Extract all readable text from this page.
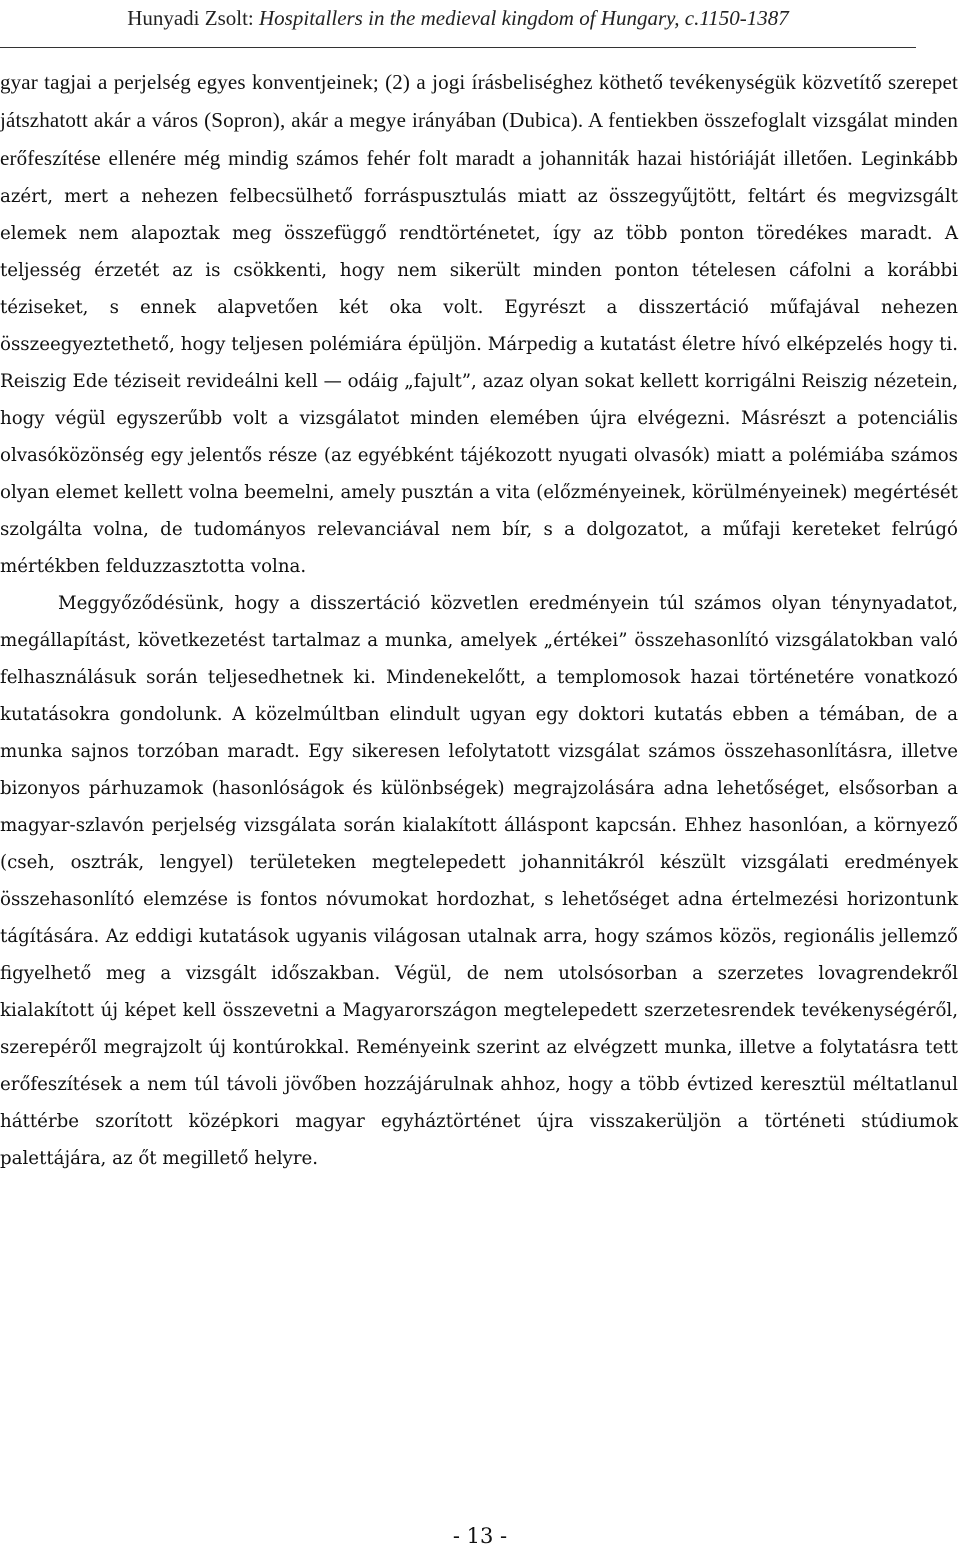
Hunyadi Zsolt: Hospitallers in the medieval kingdom of Hungary, c.1150-1387

gyar tagjai a perjelség egyes konventjeinek; (2) a jogi írásbeliséghez köthető tevékenységük közvetítő szerepet játszhatott akár a város (Sopron), akár a megye irányában (Dubica). A fentiekben összefoglalt vizsgálat minden erőfeszítése ellenére még mindig számos fehér folt maradt a johanniták hazai históriáját illetően. Leginkább azért, mert a nehezen felbecsülhető forráspusztulás miatt az összegyűjtött, feltárt és megvizsgált elemek nem alapoztak meg összefüggő rendtörténetet, így az több ponton töredékes maradt. A teljesség érzetét az is csökkenti, hogy nem sikerült minden ponton tételesen cáfolni a korábbi téziseket, s ennek alapvetően két oka volt. Egyrészt a disszertáció műfajával nehezen összeegyeztethető, hogy teljesen polémiára épüljön. Márpedig a kutatást életre hívó elképzelés hogy ti. Reiszig Ede téziseit revideálni kell — odáig „fajult”, azaz olyan sokat kellett korrigálni Reiszig nézetein, hogy végül egyszerűbb volt a vizsgálatot minden elemében újra elvégezni. Másrészt a potenciális olvasóközönség egy jelentős része (az egyébként tájékozott nyugati olvasók) miatt a polémiába számos olyan elemet kellett volna beemelni, amely pusztán a vita (előzményeinek, körülményeinek) megértését szolgálta volna, de tudományos relevanciával nem bír, s a dolgozatot, a műfaji kereteket felrúgó mértékben felduzzasztotta volna.

Meggyőződésünk, hogy a disszertáció közvetlen eredményein túl számos olyan ténynyadatot, megállapítást, következetést tartalmaz a munka, amelyek „értékei” összehasonlító vizsgálatokban való felhasználásuk során teljesedhetnek ki. Mindenekelőtt, a templomosok hazai történetére vonatkozó kutatásokra gondolunk. A közelmúltban elindult ugyan egy doktori kutatás ebben a témában, de a munka sajnos torzóban maradt. Egy sikeresen lefolytatott vizsgálat számos összehasonlításra, illetve bizonyos párhuzamok (hasonlóságok és különbségek) megrajzolására adna lehetőséget, elsősorban a magyar-szlavón perjelség vizsgálata során kialakított álláspont kapcsán. Ehhez hasonlóan, a környező (cseh, osztrák, lengyel) területeken megtelepedett johannitákról készült vizsgálati eredmények összehasonlító elemzése is fontos nóvumokat hordozhat, s lehetőséget adna értelmezési horizontunk tágítására. Az eddigi kutatások ugyanis világosan utalnak arra, hogy számos közös, regionális jellemző figyelhető meg a vizsgált időszakban. Végül, de nem utolsósorban a szerzetes lovagrendekről kialakított új képet kell összevetni a Magyarországon megtelepedett szerzetesrendek tevékenységéről, szerepéről megrajzolt új kontúrokkal. Reményeink szerint az elvégzett munka, illetve a folytatásra tett erőfeszítések a nem túl távoli jövőben hozzájárulnak ahhoz, hogy a több évtized keresztül méltatlanul háttérbe szorított középkori magyar egyháztörténet újra visszakerüljön a történeti stúdiumok palettájára, az őt megillető helyre.

- 13 -
